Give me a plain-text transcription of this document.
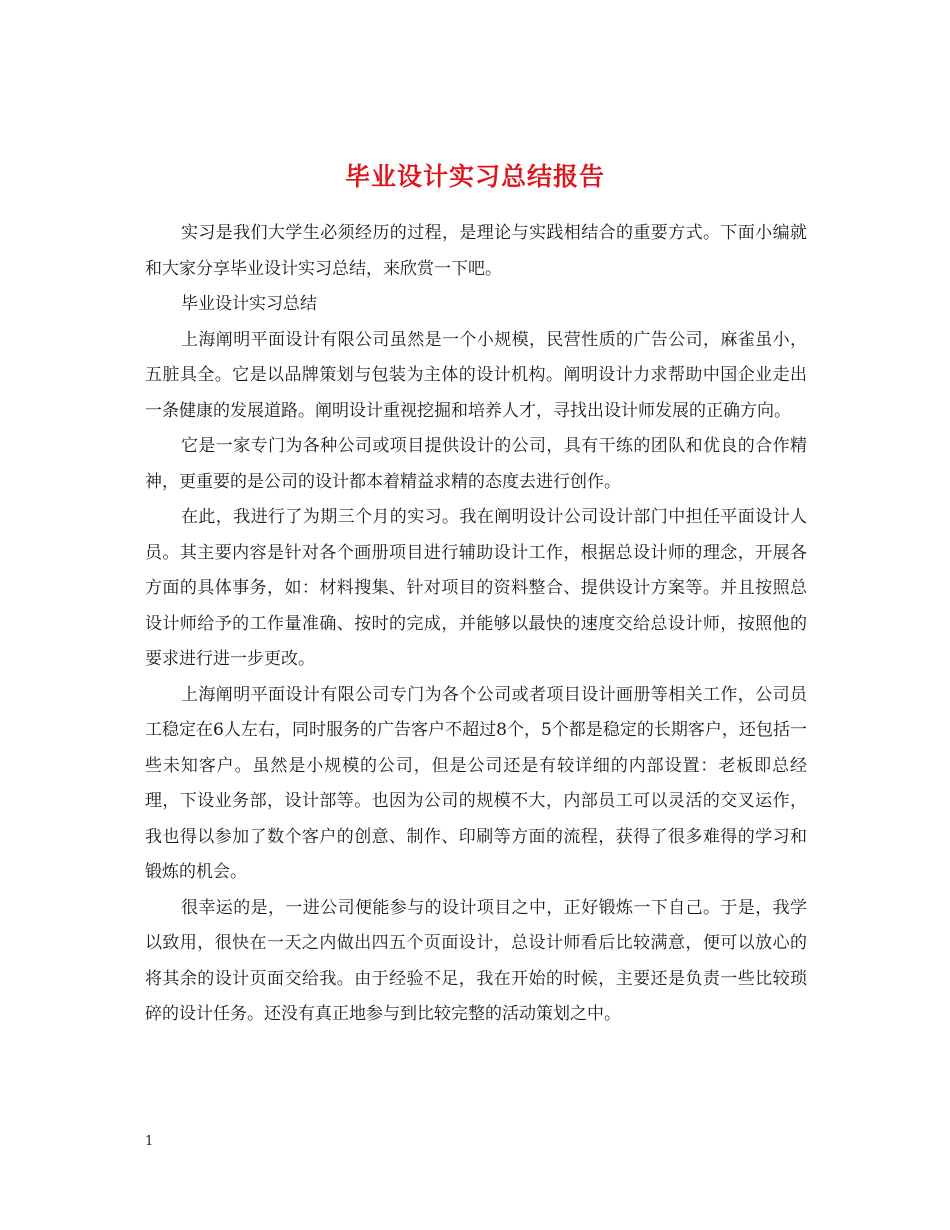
毕业设计实习总结报告

实习是我们大学生必须经历的过程，是理论与实践相结合的重要方式。下面小编就和大家分享毕业设计实习总结，来欣赏一下吧。

毕业设计实习总结

上海阐明平面设计有限公司虽然是一个小规模，民营性质的广告公司，麻雀虽小，五脏具全。它是以品牌策划与包装为主体的设计机构。阐明设计力求帮助中国企业走出一条健康的发展道路。阐明设计重视挖掘和培养人才，寻找出设计师发展的正确方向。

它是一家专门为各种公司或项目提供设计的公司，具有干练的团队和优良的合作精神，更重要的是公司的设计都本着精益求精的态度去进行创作。

在此，我进行了为期三个月的实习。我在阐明设计公司设计部门中担任平面设计人员。其主要内容是针对各个画册项目进行辅助设计工作，根据总设计师的理念，开展各方面的具体事务，如：材料搜集、针对项目的资料整合、提供设计方案等。并且按照总设计师给予的工作量准确、按时的完成，并能够以最快的速度交给总设计师，按照他的要求进行进一步更改。

上海阐明平面设计有限公司专门为各个公司或者项目设计画册等相关工作，公司员工稳定在6人左右，同时服务的广告客户不超过8个，5个都是稳定的长期客户，还包括一些未知客户。虽然是小规模的公司，但是公司还是有较详细的内部设置：老板即总经理，下设业务部，设计部等。也因为公司的规模不大，内部员工可以灵活的交叉运作，我也得以参加了数个客户的创意、制作、印刷等方面的流程，获得了很多难得的学习和锻炼的机会。

很幸运的是，一进公司便能参与的设计项目之中，正好锻炼一下自己。于是，我学以致用，很快在一天之内做出四五个页面设计，总设计师看后比较满意，便可以放心的将其余的设计页面交给我。由于经验不足，我在开始的时候，主要还是负责一些比较琐碎的设计任务。还没有真正地参与到比较完整的活动策划之中。

1
